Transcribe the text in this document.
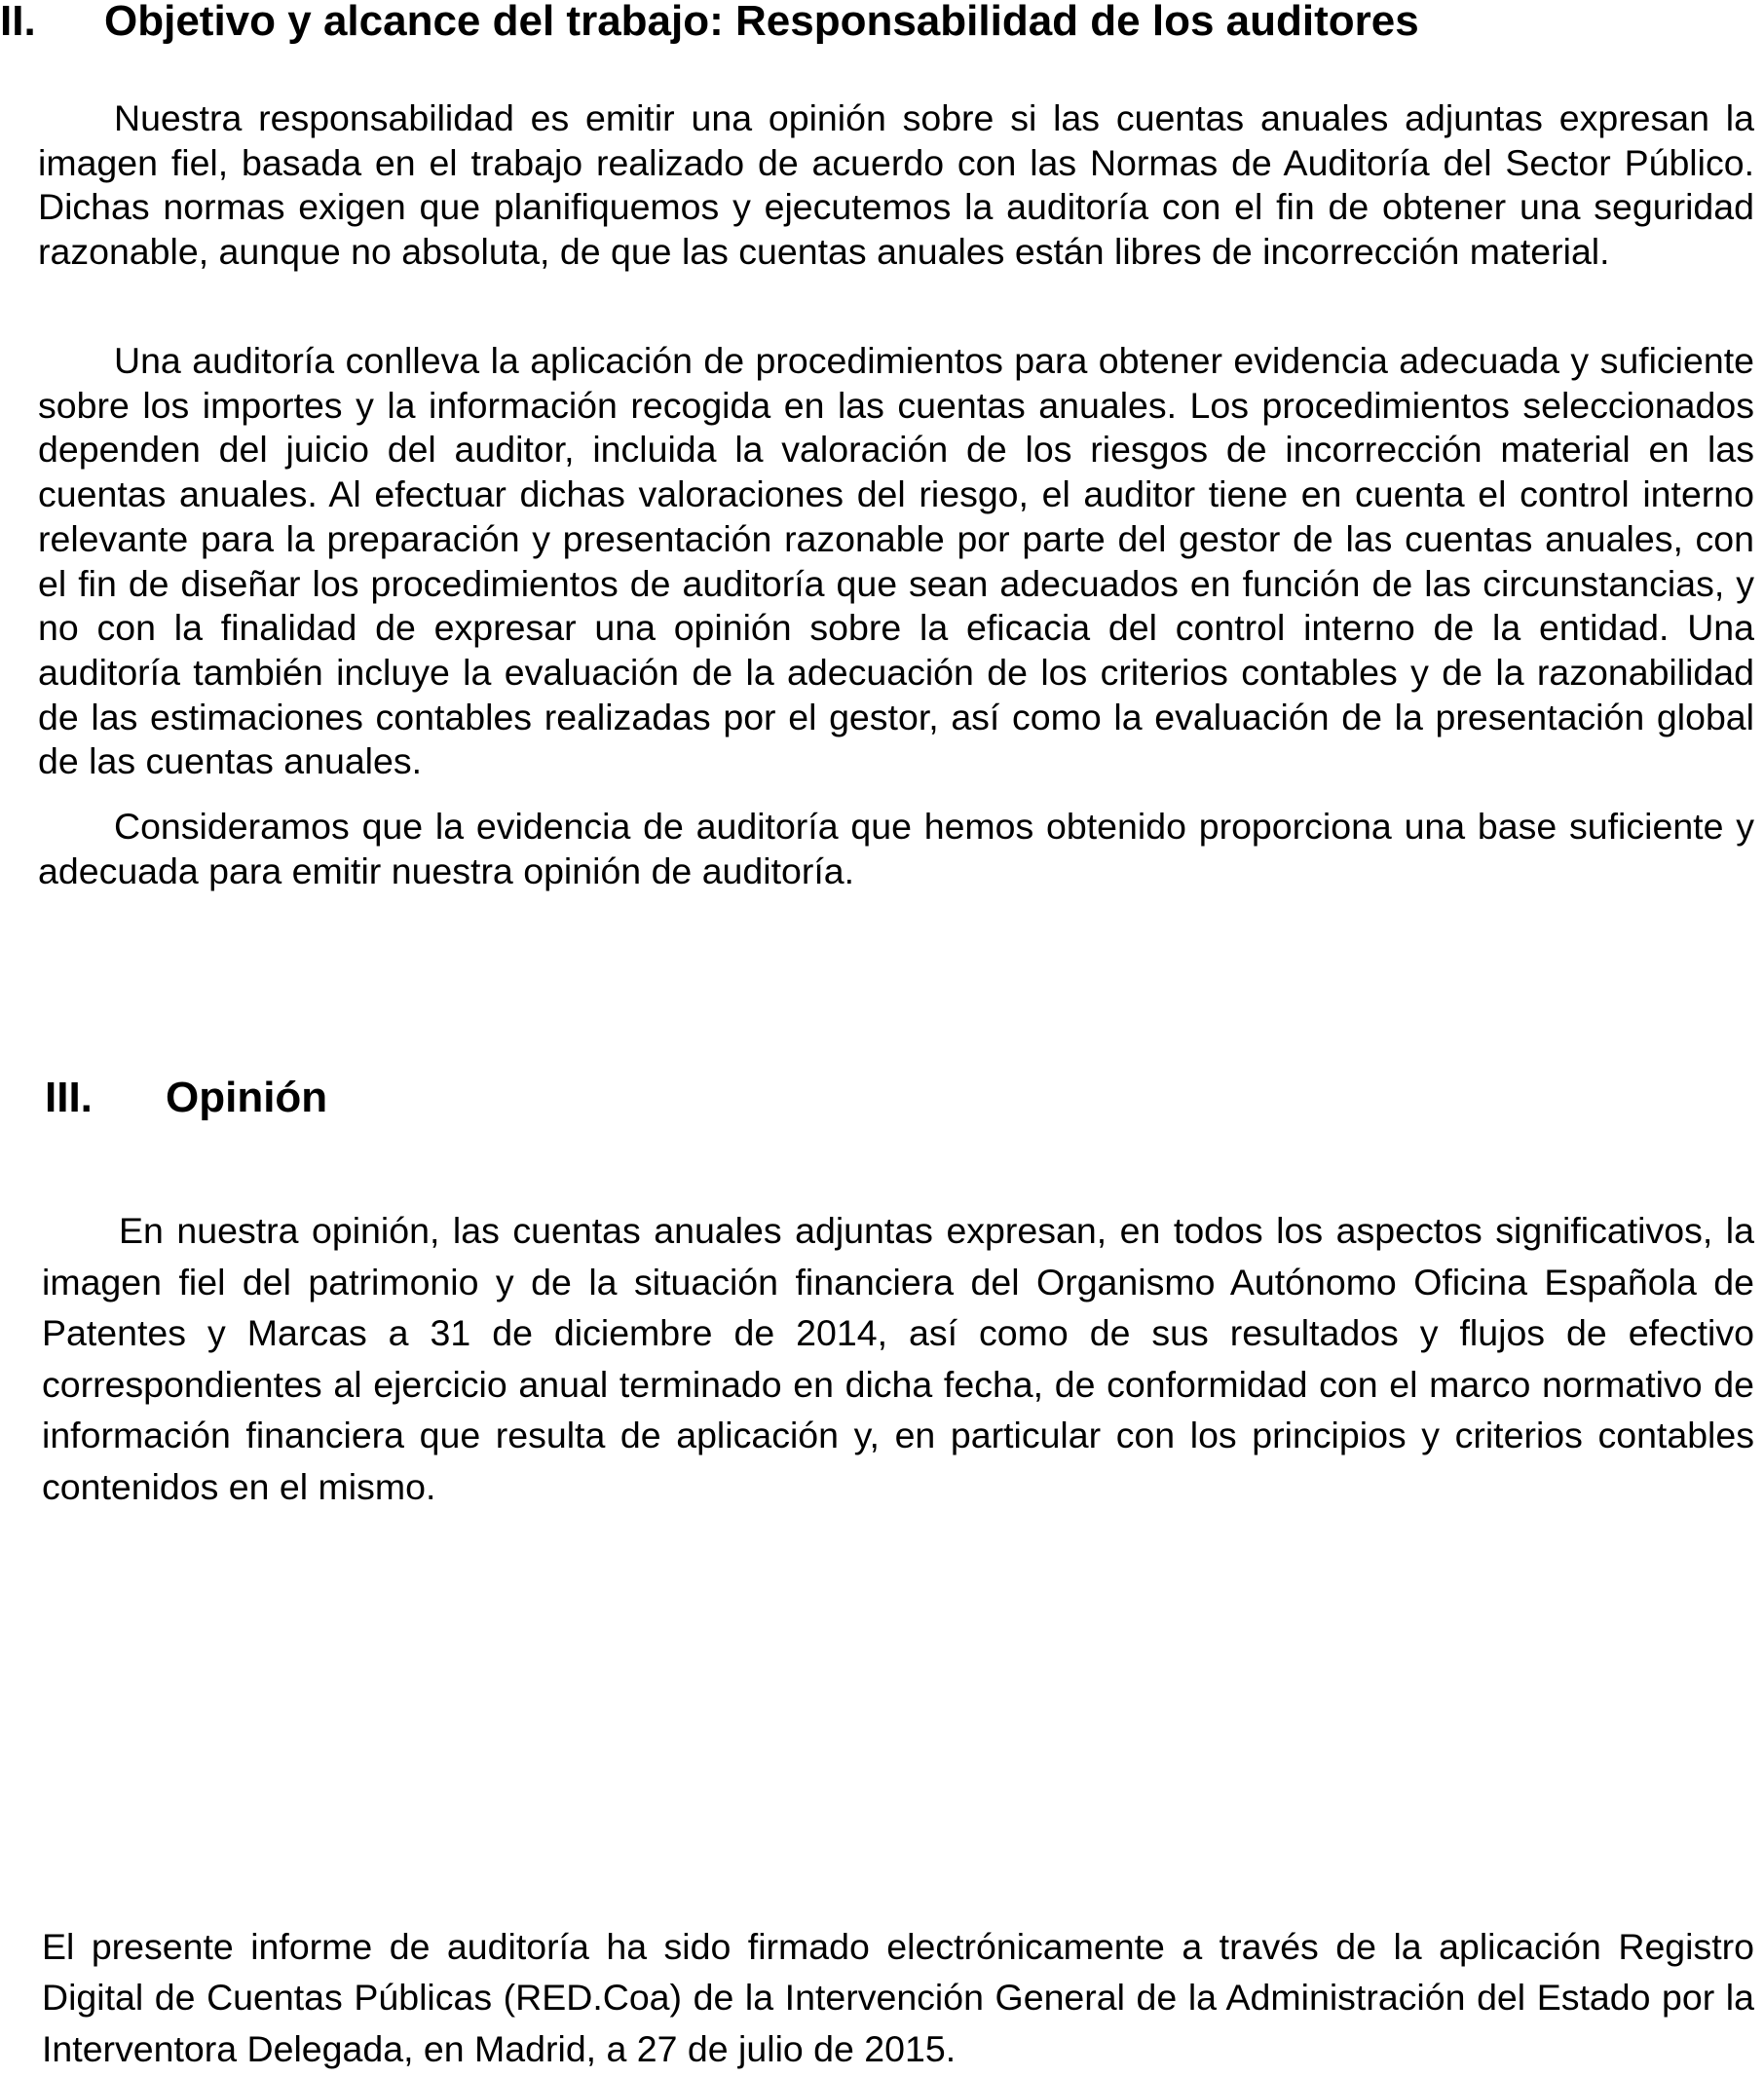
II. Objetivo y alcance del trabajo: Responsabilidad de los auditores

Nuestra responsabilidad es emitir una opinión sobre si las cuentas anuales adjuntas expresan la imagen fiel, basada en el trabajo realizado de acuerdo con las Normas de Auditoría del Sector Público. Dichas normas exigen que planifiquemos y ejecutemos la auditoría con el fin de obtener una seguridad razonable, aunque no absoluta, de que las cuentas anuales están libres de incorrección material.

Una auditoría conlleva la aplicación de procedimientos para obtener evidencia adecuada y suficiente sobre los importes y la información recogida en las cuentas anuales. Los procedimientos seleccionados dependen del juicio del auditor, incluida la valoración de los riesgos de incorrección material en las cuentas anuales. Al efectuar dichas valoraciones del riesgo, el auditor tiene en cuenta el control interno relevante para la preparación y presentación razonable por parte del gestor de las cuentas anuales, con el fin de diseñar los procedimientos de auditoría que sean adecuados en función de las circunstancias, y no con la finalidad de expresar una opinión sobre la eficacia del control interno de la entidad. Una auditoría también incluye la evaluación de la adecuación de los criterios contables y de la razonabilidad de las estimaciones contables realizadas por el gestor, así como la evaluación de la presentación global de las cuentas anuales.

Consideramos que la evidencia de auditoría que hemos obtenido proporciona una base suficiente y adecuada para emitir nuestra opinión de auditoría.

III. Opinión

En nuestra opinión, las cuentas anuales adjuntas expresan, en todos los aspectos significativos, la imagen fiel del patrimonio y de la situación financiera del Organismo Autónomo Oficina Española de Patentes y Marcas a 31 de diciembre de 2014, así como de sus resultados y flujos de efectivo correspondientes al ejercicio anual terminado en dicha fecha, de conformidad con el marco normativo de información financiera que resulta de aplicación y, en particular con los principios y criterios contables contenidos en el mismo.

El presente informe de auditoría ha sido firmado electrónicamente a través de la aplicación Registro Digital de Cuentas Públicas (RED.Coa) de la Intervención General de la Administración del Estado por la Interventora Delegada, en Madrid, a 27 de julio de 2015.
